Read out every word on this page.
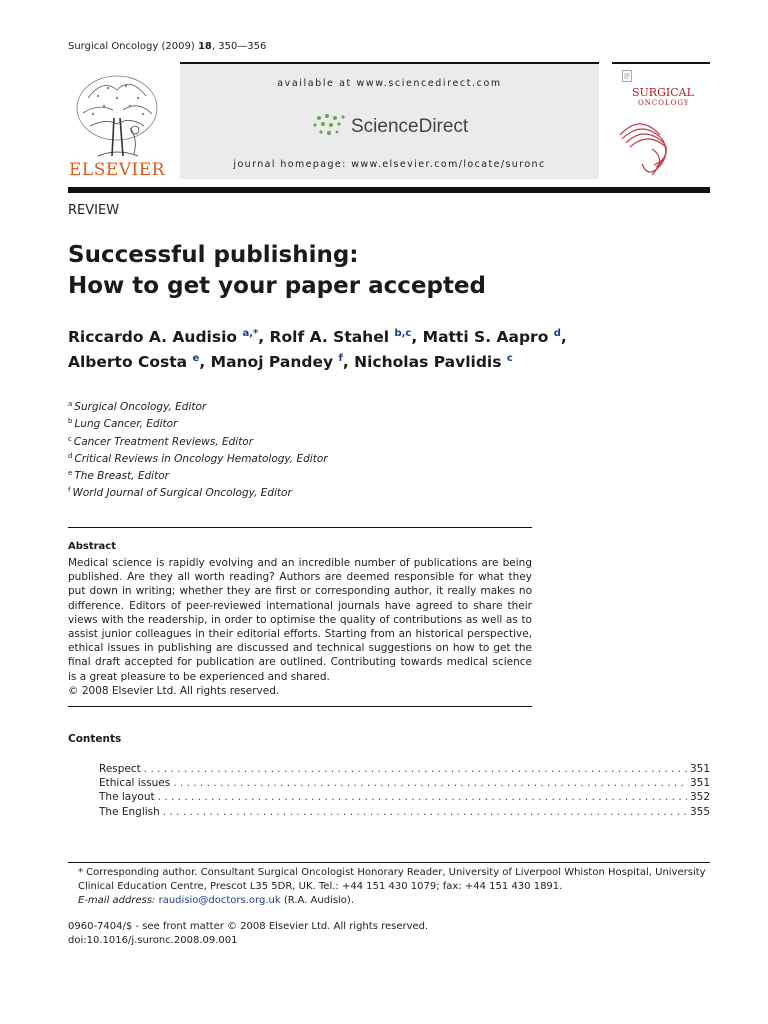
Surgical Oncology (2009) 18, 350—356
ELSEVIER
available at www.sciencedirect.com
ScienceDirect
journal homepage: www.elsevier.com/locate/suronc
SURGICAL
ONCOLOGY
REVIEW
Successful publishing:
How to get your paper accepted
Riccardo A. Audisio $^{a,*}$, Rolf A. Stahel $^{b,c}$, Matti S. Aapro $^d$,
Alberto Costa $^e$, Manoj Pandey $^f$, Nicholas Pavlidis $^c$
$^a$ Surgical Oncology, Editor
$^b$ Lung Cancer, Editor
$^c$ Cancer Treatment Reviews, Editor
$^d$ Critical Reviews in Oncology Hematology, Editor
$^e$ The Breast, Editor
$^f$ World Journal of Surgical Oncology, Editor
Abstract
Medical science is rapidly evolving and an incredible number of publications are being published. Are they all worth reading? Authors are deemed responsible for what they put down in writing; whether they are first or corresponding author, it really makes no difference. Editors of peer-reviewed international journals have agreed to share their views with the readership, in order to optimise the quality of contributions as well as to assist junior colleagues in their editorial efforts. Starting from an historical perspective, ethical issues in publishing are discussed and technical suggestions on how to get the final draft accepted for publication are outlined. Contributing towards medical science is a great pleasure to be experienced and shared.
© 2008 Elsevier Ltd. All rights reserved.
Contents
Respect . . .	351
Ethical issues . . .	351
The layout . . .	352
The English . . .	355
* Corresponding author. Consultant Surgical Oncologist Honorary Reader, University of Liverpool Whiston Hospital, University Clinical Education Centre, Prescot L35 5DR, UK. Tel.: +44 151 430 1079; fax: +44 151 430 1891.
E-mail address: raudisio@doctors.org.uk (R.A. Audisio).
0960-7404/$ - see front matter © 2008 Elsevier Ltd. All rights reserved.
doi:10.1016/j.suronc.2008.09.001
